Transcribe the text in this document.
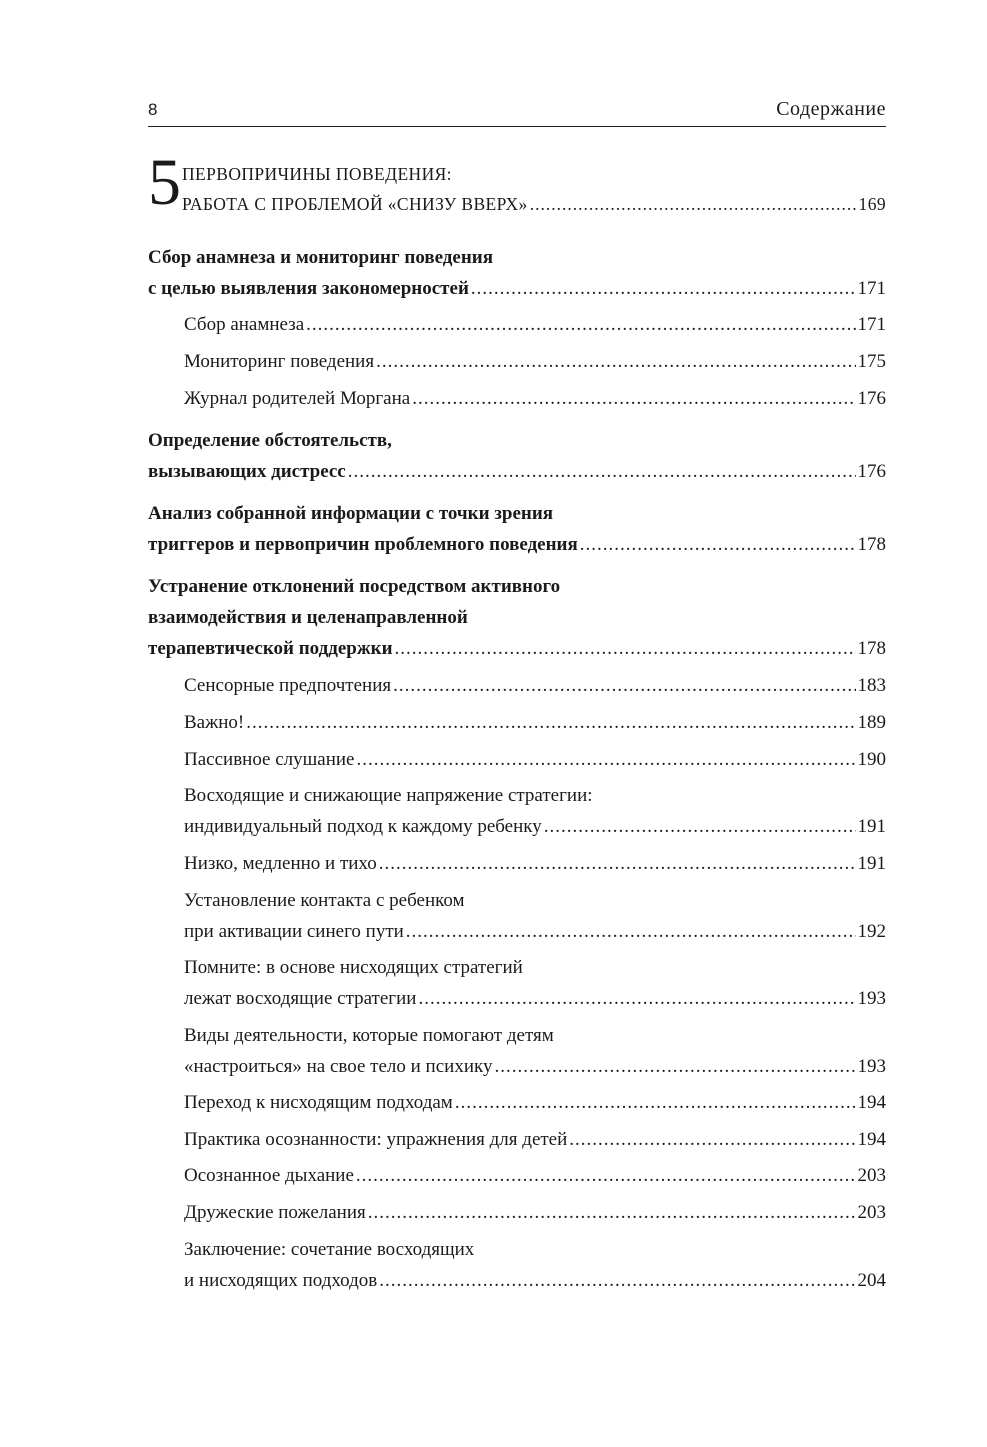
8	Содержание
5 ПЕРВОПРИЧИНЫ ПОВЕДЕНИЯ:
РАБОТА С ПРОБЛЕМОЙ «СНИЗУ ВВЕРХ» .....	169
Сбор анамнеза и мониторинг поведения
с целью выявления закономерностей .....	171
Сбор анамнеза .....	171
Мониторинг поведения .....	175
Журнал родителей Моргана .....	176
Определение обстоятельств,
вызывающих дистресс .....	176
Анализ собранной информации с точки зрения
триггеров и первопричин проблемного поведения .....	178
Устранение отклонений посредством активного
взаимодействия и целенаправленной
терапевтической поддержки .....	178
Сенсорные предпочтения .....	183
Важно! .....	189
Пассивное слушание .....	190
Восходящие и снижающие напряжение стратегии:
индивидуальный подход к каждому ребенку .....	191
Низко, медленно и тихо .....	191
Установление контакта с ребенком
при активации синего пути .....	192
Помните: в основе нисходящих стратегий
лежат восходящие стратегии .....	193
Виды деятельности, которые помогают детям
«настроиться» на свое тело и психику .....	193
Переход к нисходящим подходам .....	194
Практика осознанности: упражнения для детей .....	194
Осознанное дыхание .....	203
Дружеские пожелания .....	203
Заключение: сочетание восходящих
и нисходящих подходов .....	204
